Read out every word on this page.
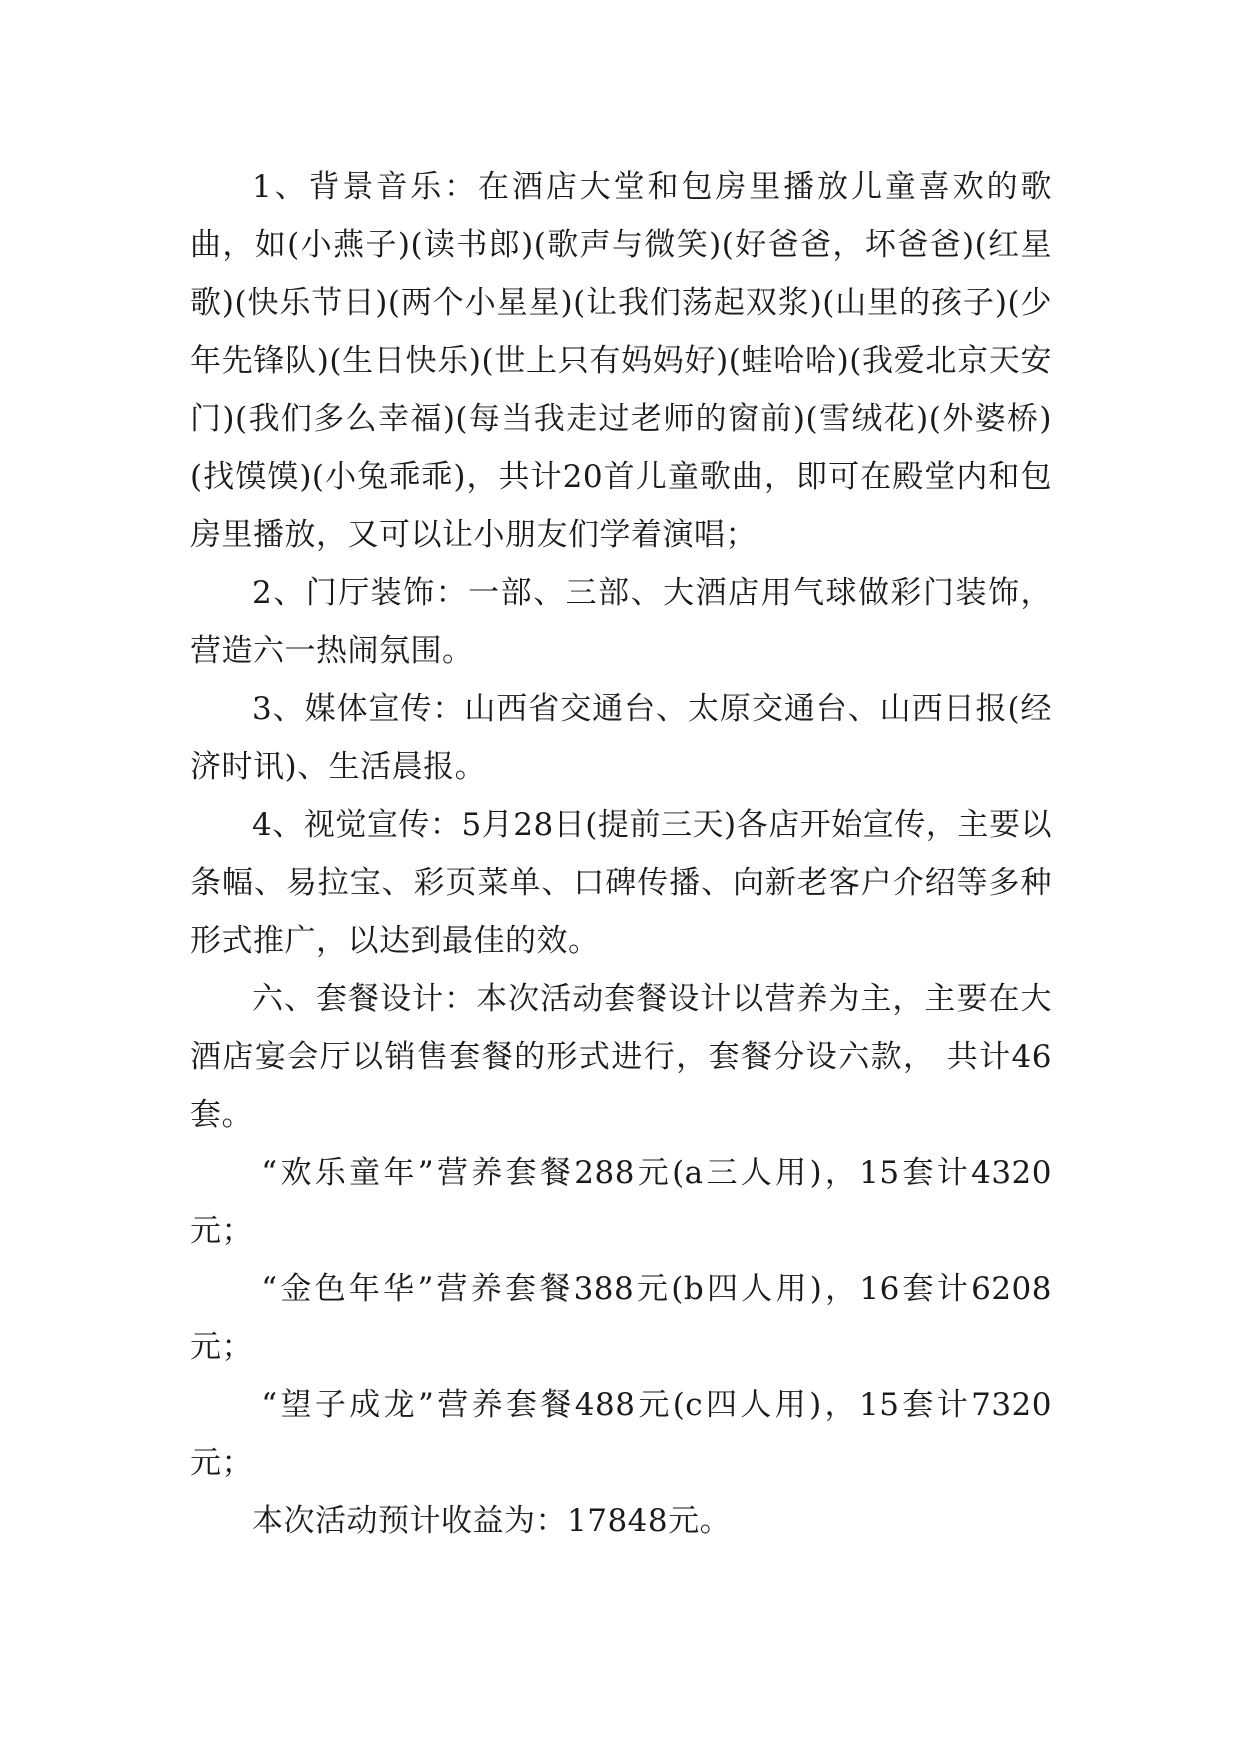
1、背景音乐：在酒店大堂和包房里播放儿童喜欢的歌曲，如(小燕子)(读书郎)(歌声与微笑)(好爸爸，坏爸爸)(红星歌)(快乐节日)(两个小星星)(让我们荡起双浆)(山里的孩子)(少年先锋队)(生日快乐)(世上只有妈妈好)(蛙哈哈)(我爱北京天安门)(我们多么幸福)(每当我走过老师的窗前)(雪绒花)(外婆桥)(找馍馍)(小兔乖乖)，共计20首儿童歌曲，即可在殿堂内和包房里播放，又可以让小朋友们学着演唱；

2、门厅装饰：一部、三部、大酒店用气球做彩门装饰，营造六一热闹氛围。

3、媒体宣传：山西省交通台、太原交通台、山西日报(经济时讯)、生活晨报。

4、视觉宣传：5月28日(提前三天)各店开始宣传，主要以条幅、易拉宝、彩页菜单、口碑传播、向新老客户介绍等多种形式推广，以达到最佳的效。

六、套餐设计：本次活动套餐设计以营养为主，主要在大酒店宴会厅以销售套餐的形式进行，套餐分设六款， 共计46套。

“欢乐童年”营养套餐288元(a三人用)，15套计4320元；

“金色年华”营养套餐388元(b四人用)，16套计6208元；

“望子成龙”营养套餐488元(c四人用)，15套计7320元；

本次活动预计收益为：17848元。
